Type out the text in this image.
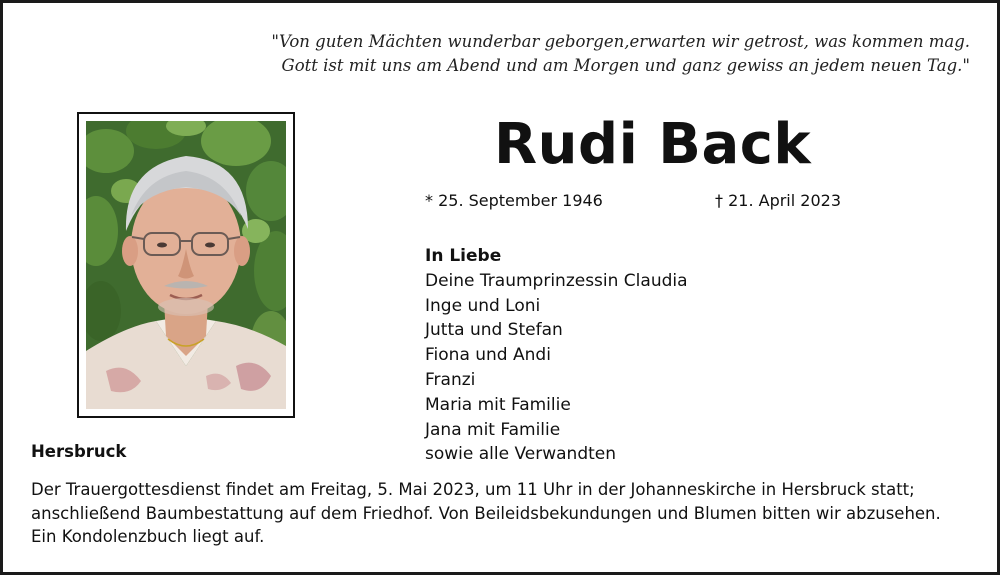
"Von guten Mächten wunderbar geborgen,erwarten wir getrost, was kommen mag.
Gott ist mit uns am Abend und am Morgen und ganz gewiss an jedem neuen Tag."
Rudi Back
* 25. September 1946	† 21. April 2023
In Liebe
Deine Traumprinzessin Claudia
Inge und Loni
Jutta und Stefan
Fiona und Andi
Franzi
Maria mit Familie
Jana mit Familie
sowie alle Verwandten
Hersbruck
Der Trauergottesdienst findet am Freitag, 5. Mai 2023, um 11 Uhr in der Johanneskirche in Hersbruck statt;
anschließend Baumbestattung auf dem Friedhof. Von Beileidsbekundungen und Blumen bitten wir abzusehen.
Ein Kondolenzbuch liegt auf.
